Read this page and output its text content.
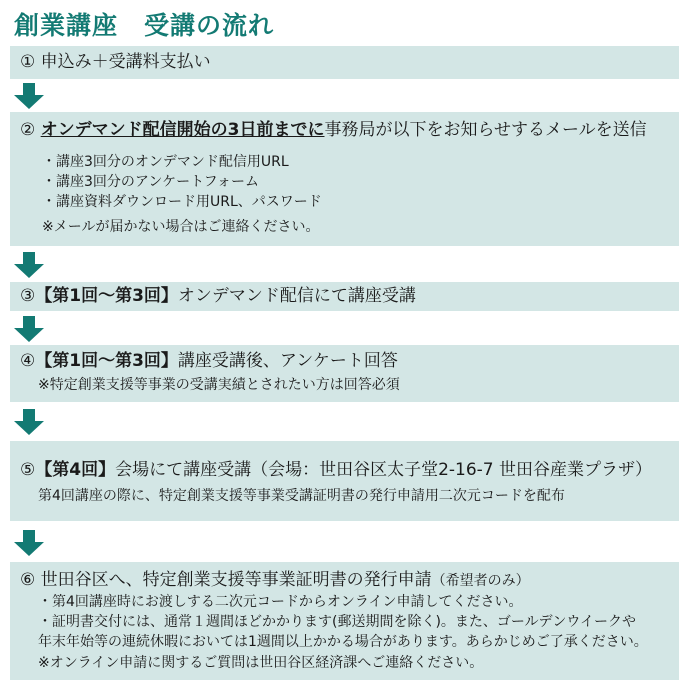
創業講座 受講の流れ
① 申込み＋受講料支払い
② オンデマンド配信開始の3日前までに事務局が以下をお知らせするメールを送信
・講座3回分のオンデマンド配信用URL
・講座3回分のアンケートフォーム
・講座資料ダウンロード用URL、パスワード
※メールが届かない場合はご連絡ください。
③【第1回〜第3回】オンデマンド配信にて講座受講
④【第1回〜第3回】講座受講後、アンケート回答
※特定創業支援等事業の受講実績とされたい方は回答必須
⑤【第4回】会場にて講座受講（会場：世田谷区太子堂2-16-7 世田谷産業プラザ）
第4回講座の際に、特定創業支援等事業受講証明書の発行申請用二次元コードを配布
⑥ 世田谷区へ、特定創業支援等事業証明書の発行申請（希望者のみ）
・第4回講座時にお渡しする二次元コードからオンライン申請してください。
・証明書交付には、通常１週間ほどかかります(郵送期間を除く)。また、ゴールデンウイークや
年末年始等の連続休暇においては1週間以上かかる場合があります。あらかじめご了承ください。
※オンライン申請に関するご質問は世田谷区経済課へご連絡ください。
